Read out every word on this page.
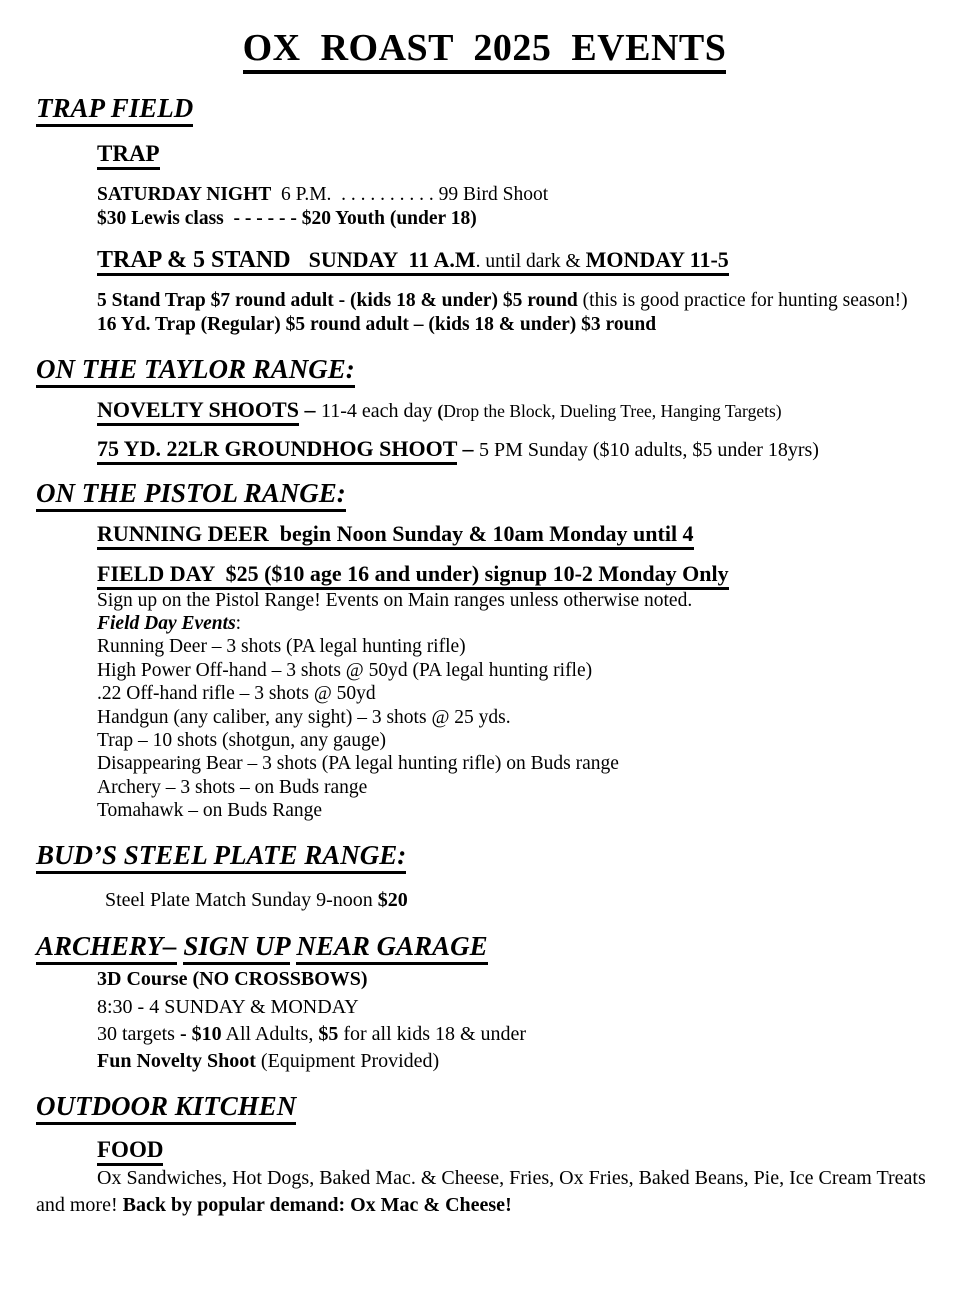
OX  ROAST  2025  EVENTS
TRAP FIELD
TRAP

SATURDAY NIGHT  6 P.M.  . . . . . . . . . . 99 Bird Shoot

$30 Lewis class  - - - - - - $20 Youth (under 18)

TRAP & 5 STAND   SUNDAY  11 A.M. until dark & MONDAY 11-5

5 Stand Trap $7 round adult - (kids 18 & under) $5 round (this is good practice for hunting season!)

16 Yd. Trap (Regular) $5 round adult – (kids 18 & under) $3 round

ON THE TAYLOR RANGE:

NOVELTY SHOOTS – 11-4 each day (Drop the Block, Dueling Tree, Hanging Targets)

75 YD. 22LR GROUNDHOG SHOOT – 5 PM Sunday ($10 adults, $5 under 18yrs)

ON THE PISTOL RANGE:

RUNNING DEER  begin Noon Sunday & 10am Monday until 4

FIELD DAY  $25 ($10 age 16 and under) signup 10-2 Monday Only

Sign up on the Pistol Range! Events on Main ranges unless otherwise noted.

Field Day Events:

Running Deer – 3 shots (PA legal hunting rifle)

High Power Off-hand – 3 shots @ 50yd (PA legal hunting rifle)

.22 Off-hand rifle – 3 shots @ 50yd

Handgun (any caliber, any sight) – 3 shots @ 25 yds.

Trap – 10 shots (shotgun, any gauge)

Disappearing Bear – 3 shots (PA legal hunting rifle) on Buds range

Archery – 3 shots – on Buds range

Tomahawk – on Buds Range

BUD’S STEEL PLATE RANGE:

Steel Plate Match Sunday 9-noon $20

ARCHERY– SIGN UP NEAR GARAGE

3D Course (NO CROSSBOWS)

8:30 - 4 SUNDAY & MONDAY

30 targets - $10 All Adults, $5 for all kids 18 & under

Fun Novelty Shoot (Equipment Provided)

OUTDOOR KITCHEN
FOOD

Ox Sandwiches, Hot Dogs, Baked Mac. & Cheese, Fries, Ox Fries, Baked Beans, Pie, Ice Cream Treats and more! Back by popular demand: Ox Mac & Cheese!
